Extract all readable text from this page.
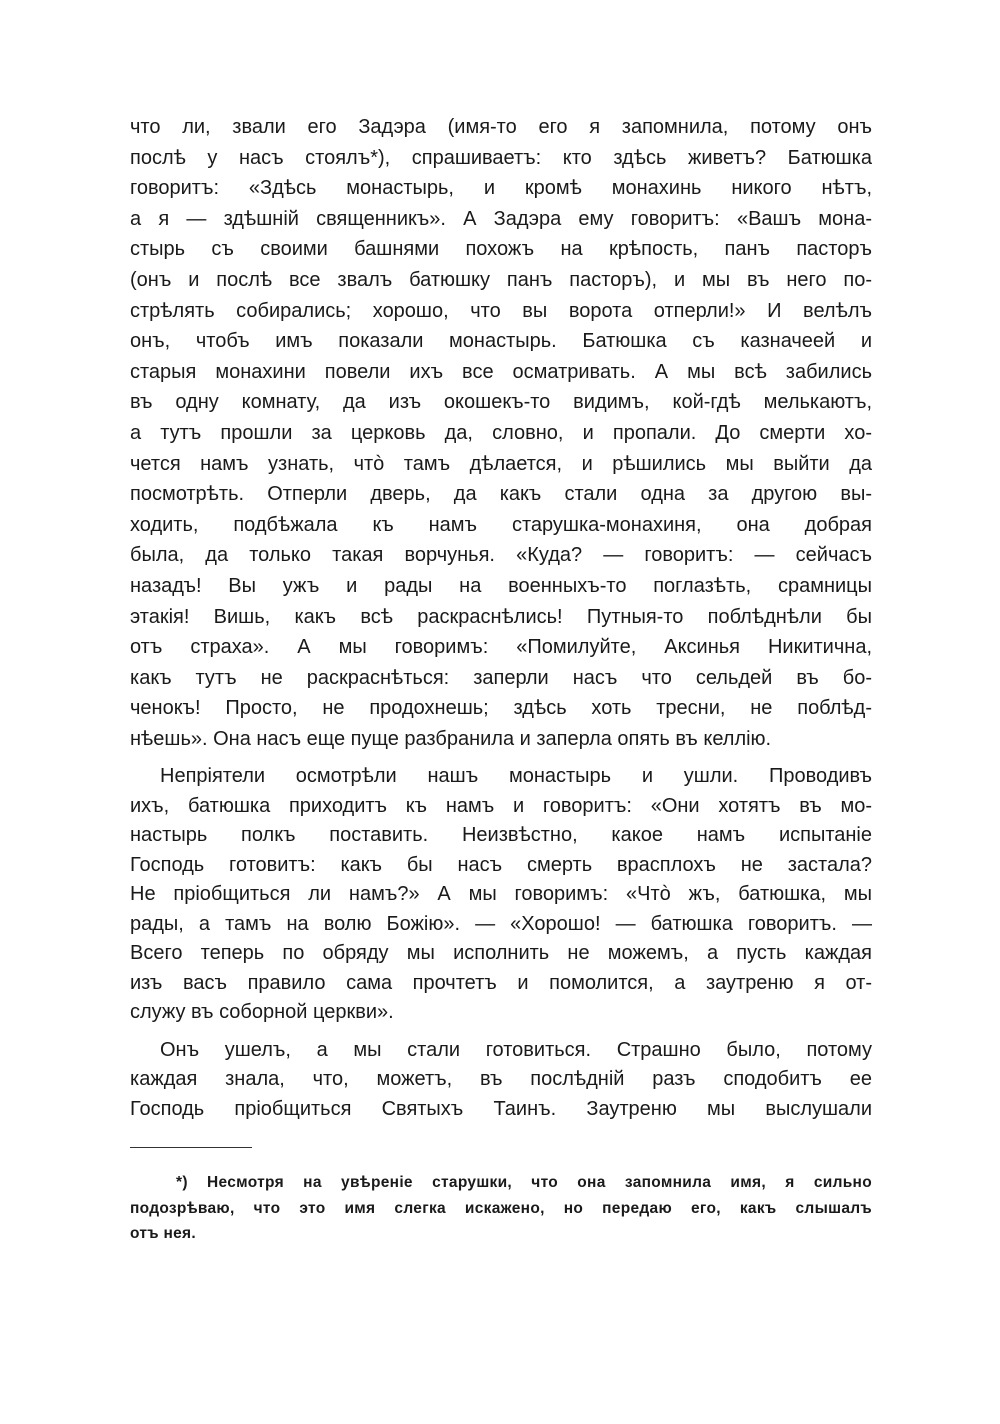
что ли, звали его Задэра (имя-то его я запомнила, потому онъ
послѣ у насъ стоялъ*), спрашиваетъ: кто здѣсь живетъ? Батюшка
говоритъ: «Здѣсь монастырь, и кромѣ монахинь никого нѣтъ,
а я — здѣшній священникъ». А Задэра ему говоритъ: «Вашъ мона-
стырь съ своими башнями похожъ на крѣпость, панъ пасторъ
(онъ и послѣ все звалъ батюшку панъ пасторъ), и мы въ него по-
стрѣлять собирались; хорошо, что вы ворота отперли!» И велѣлъ
онъ, чтобъ имъ показали монастырь. Батюшка съ казначеей и
старыя монахини повели ихъ все осматривать. А мы всѣ забились
въ одну комнату, да изъ окошекъ-то видимъ, кой-гдѣ мелькаютъ,
а тутъ прошли за церковь да, словно, и пропали. До смерти хо-
чется намъ узнать, чтò тамъ дѣлается, и рѣшились мы выйти да
посмотрѣть. Отперли дверь, да какъ стали одна за другою вы-
ходить, подбѣжала къ намъ старушка-монахиня, она добрая
была, да только такая ворчунья. «Куда? — говоритъ: — сейчасъ
назадъ! Вы ужъ и рады на военныхъ-то поглазѣть, срамницы
этакія! Вишь, какъ всѣ раскраснѣлись! Путныя-то поблѣднѣли бы
отъ страха». А мы говоримъ: «Помилуйте, Аксинья Никитична,
какъ тутъ не раскраснѣться: заперли насъ что сельдей въ бо-
ченокъ! Просто, не продохнешь; здѣсь хоть тресни, не поблѣд-
нѣешь». Она насъ еще пуще разбранила и заперла опять въ келлію.
Непріятели осмотрѣли нашъ монастырь и ушли. Проводивъ
ихъ, батюшка приходитъ къ намъ и говоритъ: «Они хотятъ въ мо-
настырь полкъ поставить. Неизвѣстно, какое намъ испытаніе
Господь готовитъ: какъ бы насъ смерть врасплохъ не застала?
Не пріобщиться ли намъ?» А мы говоримъ: «Чтò жъ, батюшка, мы
рады, а тамъ на волю Божію». — «Хорошо! — батюшка говоритъ. —
Всего теперь по обряду мы исполнить не можемъ, а пусть каждая
изъ васъ правило сама прочтетъ и помолится, а заутреню я от-
служу въ соборной церкви».
Онъ ушелъ, а мы стали готовиться. Страшно было, потому
каждая знала, что, можетъ, въ послѣдній разъ сподобитъ ее
Господь пріобщиться Святыхъ Таинъ. Заутреню мы выслушали
*) Несмотря на увѣреніе старушки, что она запомнила имя, я сильно
подозрѣваю, что это имя слегка искажено, но передаю его, какъ слышалъ
отъ нея.
